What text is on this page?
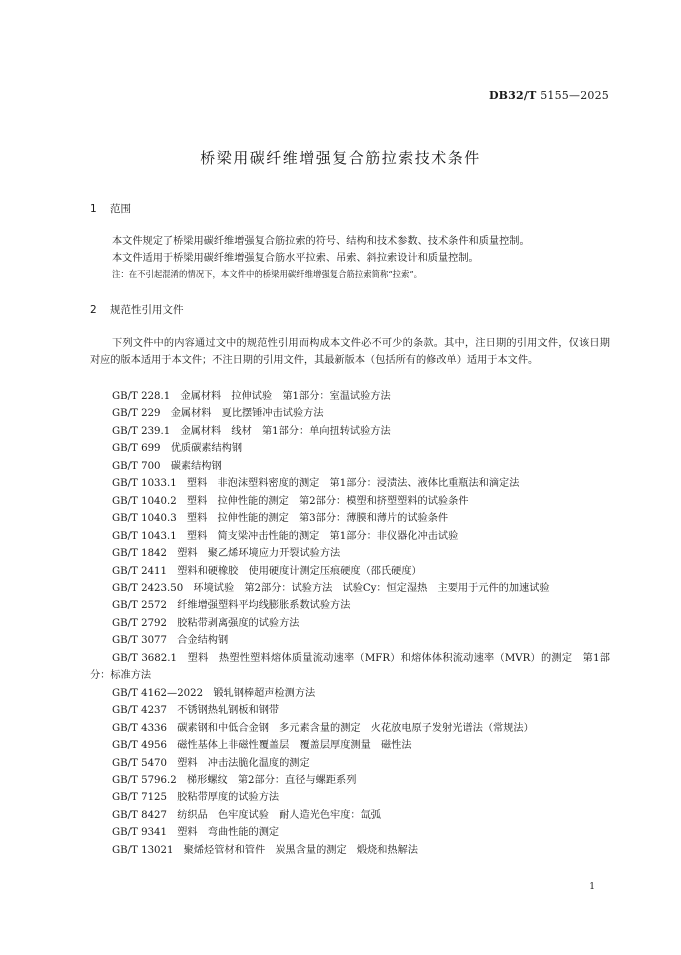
DB32/T 5155—2025
桥梁用碳纤维增强复合筋拉索技术条件
1 范围

本文件规定了桥梁用碳纤维增强复合筋拉索的符号、结构和技术参数、技术条件和质量控制。

本文件适用于桥梁用碳纤维增强复合筋水平拉索、吊索、斜拉索设计和质量控制。

注：在不引起混淆的情况下，本文件中的桥梁用碳纤维增强复合筋拉索简称“拉索”。

2 规范性引用文件

下列文件中的内容通过文中的规范性引用而构成本文件必不可少的条款。其中，注日期的引用文件，仅该日期对应的版本适用于本文件；不注日期的引用文件，其最新版本（包括所有的修改单）适用于本文件。

GB/T 228.1　金属材料　拉伸试验　第1部分：室温试验方法
GB/T 229　金属材料　夏比摆锤冲击试验方法
GB/T 239.1　金属材料　线材　第1部分：单向扭转试验方法
GB/T 699　优质碳素结构钢
GB/T 700　碳素结构钢
GB/T 1033.1　塑料　非泡沫塑料密度的测定　第1部分：浸渍法、液体比重瓶法和滴定法
GB/T 1040.2　塑料　拉伸性能的测定　第2部分：模塑和挤塑塑料的试验条件
GB/T 1040.3　塑料　拉伸性能的测定　第3部分：薄膜和薄片的试验条件
GB/T 1043.1　塑料　简支梁冲击性能的测定　第1部分：非仪器化冲击试验
GB/T 1842　塑料　聚乙烯环境应力开裂试验方法
GB/T 2411　塑料和硬橡胶　使用硬度计测定压痕硬度（邵氏硬度）
GB/T 2423.50　环境试验　第2部分：试验方法　试验Cy：恒定湿热　主要用于元件的加速试验
GB/T 2572　纤维增强塑料平均线膨胀系数试验方法
GB/T 2792　胶粘带剥离强度的试验方法
GB/T 3077　合金结构钢
GB/T 3682.1　塑料　热塑性塑料熔体质量流动速率（MFR）和熔体体积流动速率（MVR）的测定　第1部分：标准方法
GB/T 4162—2022　锻轧钢棒超声检测方法
GB/T 4237　不锈钢热轧钢板和钢带
GB/T 4336　碳素钢和中低合金钢　多元素含量的测定　火花放电原子发射光谱法（常规法）
GB/T 4956　磁性基体上非磁性覆盖层　覆盖层厚度测量　磁性法
GB/T 5470　塑料　冲击法脆化温度的测定
GB/T 5796.2　梯形螺纹　第2部分：直径与螺距系列
GB/T 7125　胶粘带厚度的试验方法
GB/T 8427　纺织品　色牢度试验　耐人造光色牢度：氙弧
GB/T 9341　塑料　弯曲性能的测定
GB/T 13021　聚烯烃管材和管件　炭黑含量的测定　煅烧和热解法
1
